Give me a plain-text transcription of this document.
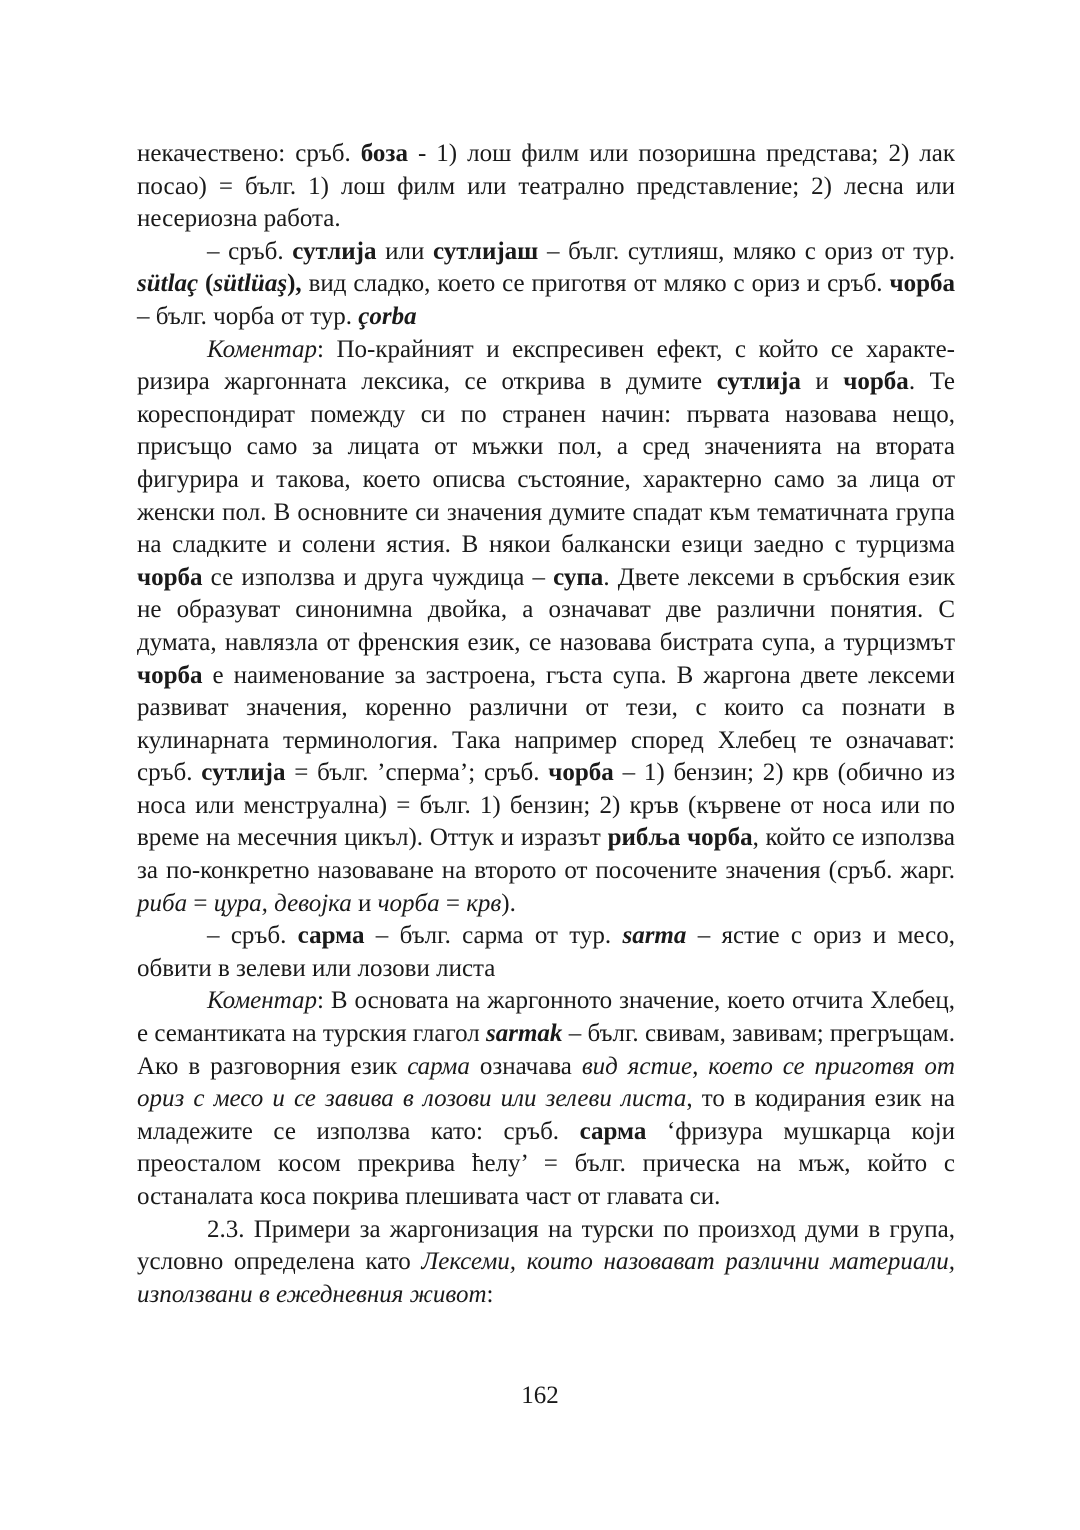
некачествено: сръб. боза - 1) лош филм или позоришна представа; 2) лак посао) = бълг. 1) лош филм или театрално представление; 2) лесна или несериозна работа.

– сръб. сутлија или сутлијаш – бълг. сутлияш, мляко с ориз от тур. sütlaç (sütlüaş), вид сладко, което се приготвя от мляко с ориз и сръб. чорба – бълг. чорба от тур. çorba

Коментар: По-крайният и експресивен ефект, с който се характеризира жаргонната лексика, се открива в думите сутлија и чорба. Те кореспондират помежду си по странен начин: първата назовава нещо, присъщо само за лицата от мъжки пол, а сред значенията на втората фигурира и такова, което описва състояние, характерно само за лица от женски пол. В основните си значения думите спадат към тематичната група на сладките и солени ястия. В някои балкански езици заедно с турцизма чорба се използва и друга чуждица – супа. Двете лексеми в сръбския език не образуват синонимна двойка, а означават две различни понятия. С думата, навлязла от френския език, се назовава бистрата супа, а турцизмът чорба е наименование за застроена, гъста супа. В жаргона двете лексеми развиват значения, коренно различни от тези, с които са познати в кулинарната терминология. Така например според Хлебец те означават: сръб. сутлија = бълг. ’сперма’; сръб. чорба – 1) бензин; 2) крв (обично из носа или менструална) = бълг. 1) бензин; 2) кръв (кървене от носа или по време на месечния цикъл). Оттук и изразът рибља чорба, който се използва за по-конкретно назоваване на второто от посочените значения (сръб. жарг. риба = цура, девојка и чорба = крв).

– сръб. сарма – бълг. сарма от тур. sarma – ястие с ориз и месо, обвити в зелеви или лозови листа

Коментар: В основата на жаргонното значение, което отчита Хлебец, е семантиката на турския глагол sarmak – бълг. свивам, завивам; прегръщам. Ако в разговорния език сарма означава вид ястие, което се приготвя от ориз с месо и се завива в лозови или зелеви листа, то в кодирания език на младежите се използва като: сръб. сарма ‘фризура мушкарца који преосталом косом прекрива ћелу’ = бълг. прическа на мъж, който с останалата коса покрива плешивата част от главата си.

2.3. Примери за жаргонизация на турски по произход думи в група, условно определена като Лексеми, които назовават различни материали, използвани в ежедневния живот:

162
